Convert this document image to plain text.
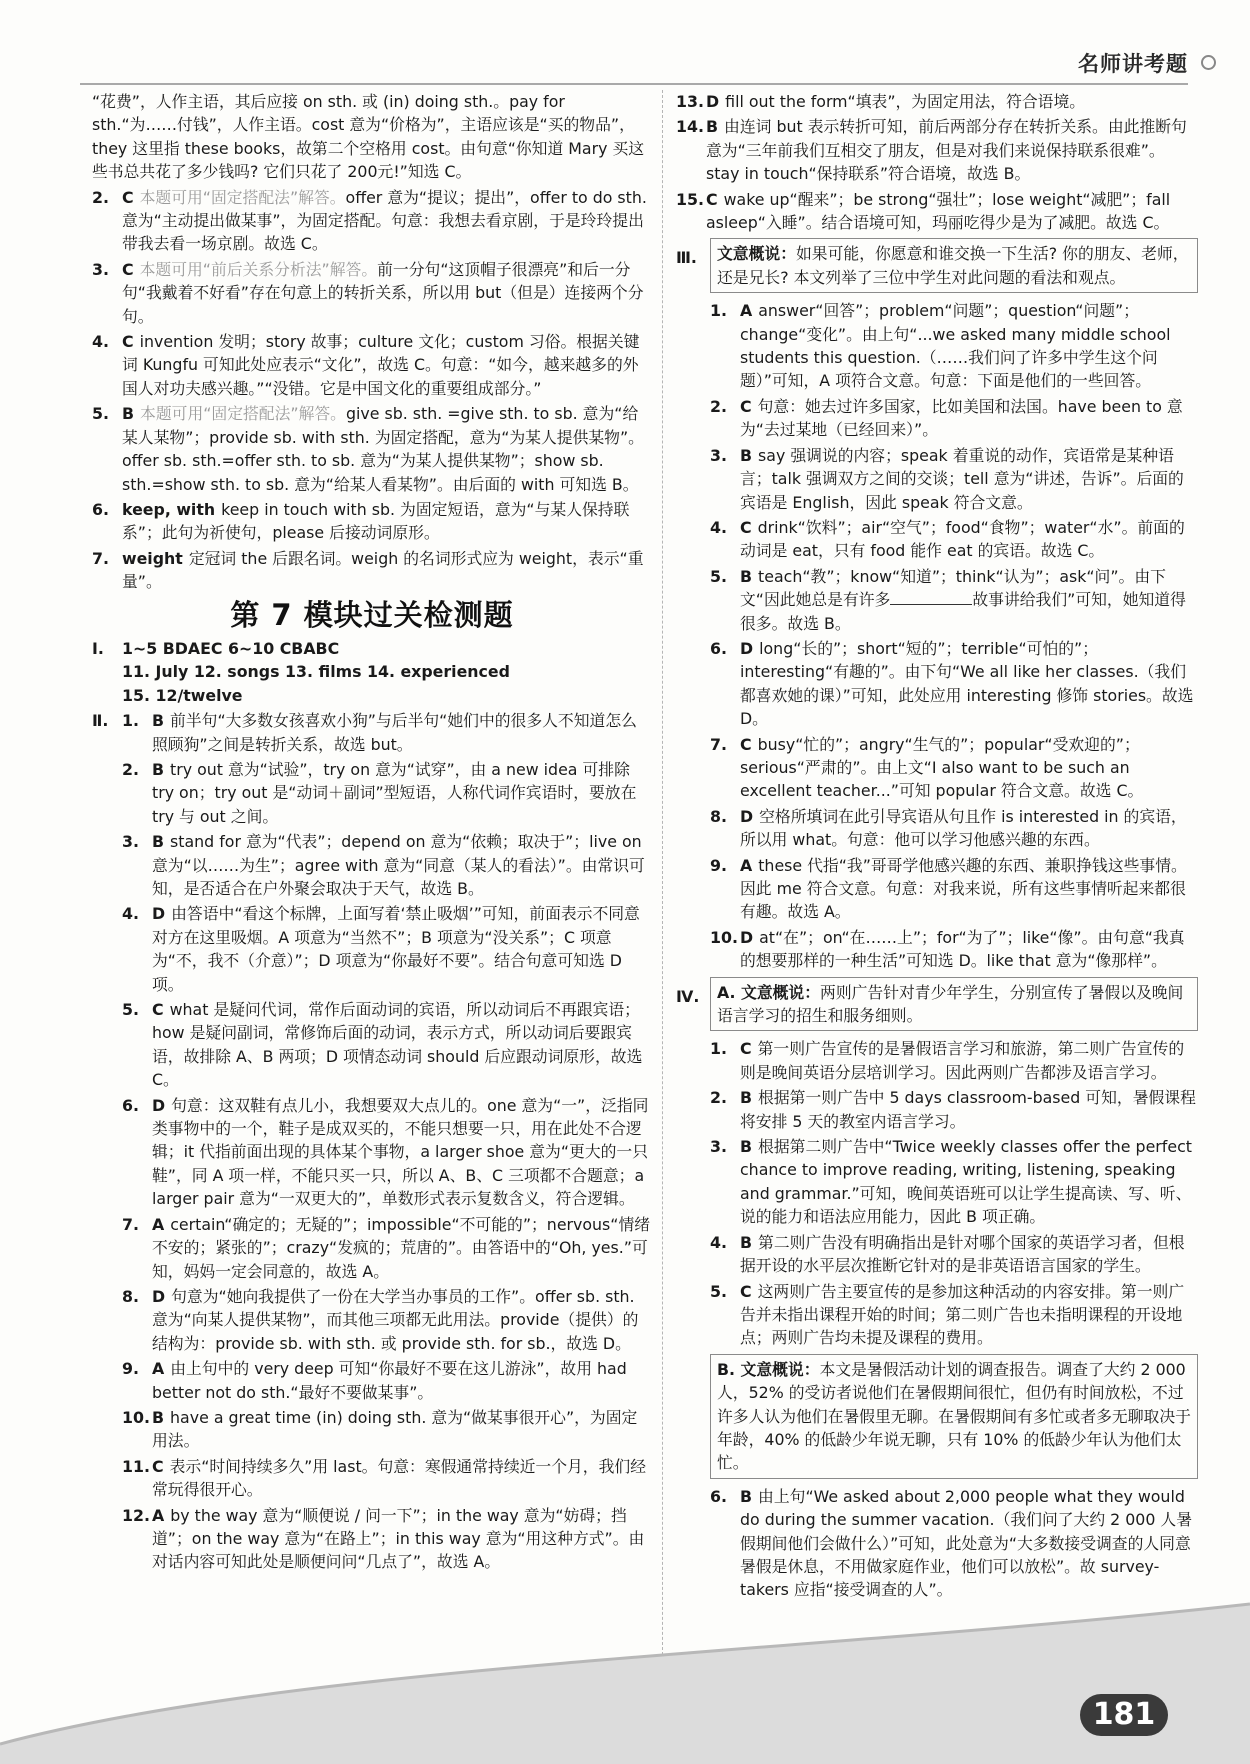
名师讲考题
“花费”，人作主语，其后应接 on sth. 或 (in) doing sth.。pay for sth.“为……付钱”，人作主语。cost 意为“价格为”，主语应该是“买的物品”，they 这里指 these books，故第二个空格用 cost。由句意“你知道 Mary 买这些书总共花了多少钱吗? 它们只花了 200元!”知选 C。
2. C 本题可用“固定搭配法”解答。offer 意为“提议；提出”，offer to do sth. 意为“主动提出做某事”，为固定搭配。句意：我想去看京剧，于是玲玲提出带我去看一场京剧。故选 C。
3. C 本题可用“前后关系分析法”解答。前一分句“这顶帽子很漂亮”和后一分句“我戴着不好看”存在句意上的转折关系，所以用 but（但是）连接两个分句。
4. C invention 发明；story 故事；culture 文化；custom 习俗。根据关键词 Kungfu 可知此处应表示“文化”，故选 C。句意：“如今，越来越多的外国人对功夫感兴趣。”“没错。它是中国文化的重要组成部分。”
5. B 本题可用“固定搭配法”解答。give sb. sth. =give sth. to sb. 意为“给某人某物”；provide sb. with sth. 为固定搭配，意为“为某人提供某物”。offer sb. sth.=offer sth. to sb. 意为“为某人提供某物”；show sb. sth.=show sth. to sb. 意为“给某人看某物”。由后面的 with 可知选 B。
6. keep, with keep in touch with sb. 为固定短语，意为“与某人保持联系”；此句为祈使句，please 后接动词原形。
7. weight 定冠词 the 后跟名词。weigh 的名词形式应为 weight，表示“重量”。
第 7 模块过关检测题
Ⅰ. 1~5 BDAEC 6~10 CBABC
11. July 12. songs 13. films 14. experienced
15. 12/twelve
Ⅱ. 1. B 前半句“大多数女孩喜欢小狗”与后半句“她们中的很多人不知道怎么照顾狗”之间是转折关系，故选 but。
2. B try out 意为“试验”，try on 意为“试穿”，由 a new idea 可排除 try on；try out 是“动词＋副词”型短语，人称代词作宾语时，要放在 try 与 out 之间。
3. B stand for 意为“代表”；depend on 意为“依赖；取决于”；live on 意为“以……为生”；agree with 意为“同意（某人的看法）”。由常识可知，是否适合在户外聚会取决于天气，故选 B。
4. D 由答语中“看这个标牌，上面写着‘禁止吸烟’”可知，前面表示不同意对方在这里吸烟。A 项意为“当然不”；B 项意为“没关系”；C 项意为“不，我不（介意）”；D 项意为“你最好不要”。结合句意可知选 D 项。
5. C what 是疑问代词，常作后面动词的宾语，所以动词后不再跟宾语；how 是疑问副词，常修饰后面的动词，表示方式，所以动词后要跟宾语，故排除 A、B 两项；D 项情态动词 should 后应跟动词原形，故选 C。
6. D 句意：这双鞋有点儿小，我想要双大点儿的。one 意为“一”，泛指同类事物中的一个，鞋子是成双买的，不能只想要一只，用在此处不合逻辑；it 代指前面出现的具体某个事物，a larger shoe 意为“更大的一只鞋”，同 A 项一样，不能只买一只，所以 A、B、C 三项都不合题意；a larger pair 意为“一双更大的”，单数形式表示复数含义，符合逻辑。
7. A certain“确定的；无疑的”；impossible“不可能的”；nervous“情绪不安的；紧张的”；crazy“发疯的；荒唐的”。由答语中的“Oh, yes.”可知，妈妈一定会同意的，故选 A。
8. D 句意为“她向我提供了一份在大学当办事员的工作”。offer sb. sth. 意为“向某人提供某物”，而其他三项都无此用法。provide（提供）的结构为：provide sb. with sth. 或 provide sth. for sb.，故选 D。
9. A 由上句中的 very deep 可知“你最好不要在这儿游泳”，故用 had better not do sth.“最好不要做某事”。
10. B have a great time (in) doing sth. 意为“做某事很开心”，为固定用法。
11. C 表示“时间持续多久”用 last。句意：寒假通常持续近一个月，我们经常玩得很开心。
12. A by the way 意为“顺便说 / 问一下”；in the way 意为“妨碍；挡道”；on the way 意为“在路上”；in this way 意为“用这种方式”。由对话内容可知此处是顺便问问“几点了”，故选 A。
13. D fill out the form“填表”，为固定用法，符合语境。
14. B 由连词 but 表示转折可知，前后两部分存在转折关系。由此推断句意为“三年前我们互相交了朋友，但是对我们来说保持联系很难”。stay in touch“保持联系”符合语境，故选 B。
15. C wake up“醒来”；be strong“强壮”；lose weight“减肥”；fall asleep“入睡”。结合语境可知，玛丽吃得少是为了减肥。故选 C。
Ⅲ.	文意概说：如果可能，你愿意和谁交换一下生活? 你的朋友、老师，还是兄长? 本文列举了三位中学生对此问题的看法和观点。
1. A answer“回答”；problem“问题”；question“问题”；change“变化”。由上句“...we asked many middle school students this question.（……我们问了许多中学生这个问题）”可知，A 项符合文意。句意：下面是他们的一些回答。
2. C 句意：她去过许多国家，比如美国和法国。have been to 意为“去过某地（已经回来）”。
3. B say 强调说的内容；speak 着重说的动作，宾语常是某种语言；talk 强调双方之间的交谈；tell 意为“讲述，告诉”。后面的宾语是 English，因此 speak 符合文意。
4. C drink“饮料”；air“空气”；food“食物”；water“水”。前面的动词是 eat，只有 food 能作 eat 的宾语。故选 C。
5. B teach“教”；know“知道”；think“认为”；ask“问”。由下文“因此她总是有许多	故事讲给我们”可知，她知道得很多。故选 B。
6. D long“长的”；short“短的”；terrible“可怕的”；interesting“有趣的”。由下句“We all like her classes.（我们都喜欢她的课）”可知，此处应用 interesting 修饰 stories。故选 D。
7. C busy“忙的”；angry“生气的”；popular“受欢迎的”；serious“严肃的”。由上文“I also want to be such an excellent teacher...”可知 popular 符合文意。故选 C。
8. D 空格所填词在此引导宾语从句且作 is interested in 的宾语，所以用 what。句意：他可以学习他感兴趣的东西。
9. A these 代指“我”哥哥学他感兴趣的东西、兼职挣钱这些事情。因此 me 符合文意。句意：对我来说，所有这些事情听起来都很有趣。故选 A。
10. D at“在”；on“在……上”；for“为了”；like“像”。由句意“我真的想要那样的一种生活”可知选 D。like that 意为“像那样”。
Ⅳ.	A. 文意概说：两则广告针对青少年学生，分别宣传了暑假以及晚间语言学习的招生和服务细则。
1. C 第一则广告宣传的是暑假语言学习和旅游，第二则广告宣传的则是晚间英语分层培训学习。因此两则广告都涉及语言学习。
2. B 根据第一则广告中 5 days classroom-based 可知，暑假课程将安排 5 天的教室内语言学习。
3. B 根据第二则广告中“Twice weekly classes offer the perfect chance to improve reading, writing, listening, speaking and grammar.”可知，晚间英语班可以让学生提高读、写、听、说的能力和语法应用能力，因此 B 项正确。
4. B 第二则广告没有明确指出是针对哪个国家的英语学习者，但根据开设的水平层次推断它针对的是非英语语言国家的学生。
5. C 这两则广告主要宣传的是参加这种活动的内容安排。第一则广告并未指出课程开始的时间；第二则广告也未指明课程的开设地点；两则广告均未提及课程的费用。
B. 文意概说：本文是暑假活动计划的调查报告。调查了大约 2 000 人，52% 的受访者说他们在暑假期间很忙，但仍有时间放松，不过许多人认为他们在暑假里无聊。在暑假期间有多忙或者多无聊取决于年龄，40% 的低龄少年说无聊，只有 10% 的低龄少年认为他们太忙。
6. B 由上句“We asked about 2,000 people what they would do during the summer vacation.（我们问了大约 2 000 人暑假期间他们会做什么）”可知，此处意为“大多数接受调查的人同意暑假是休息，不用做家庭作业，他们可以放松”。故 survey-takers 应指“接受调查的人”。
181
